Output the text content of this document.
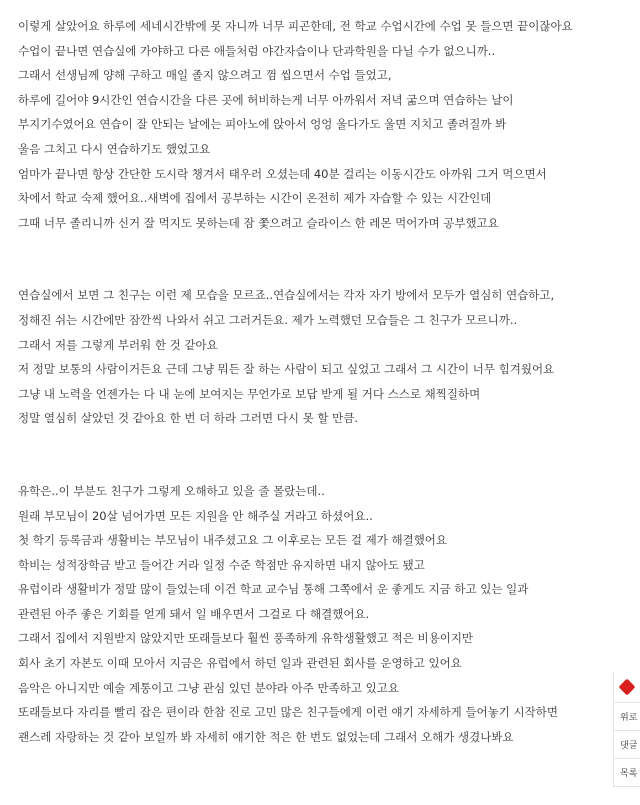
이렇게 살았어요 하루에 세네시간밖에 못 자니까 너무 피곤한데, 전 학교 수업시간에 수업 못 들으면 끝이잖아요
수업이 끝나면 연습실에 가야하고 다른 애들처럼 야간자습이나 단과학원을 다닐 수가 없으니까..
그래서 선생님께 양해 구하고 매일 졸지 않으려고 껌 씹으면서 수업 들었고,
하루에 길어야 9시간인 연습시간을 다른 곳에 허비하는게 너무 아까워서 저녁 굶으며 연습하는 날이
부지기수였어요 연습이 잘 안되는 날에는 피아노에 앉아서 엉엉 울다가도 울면 지치고 졸려질까 봐
울음 그치고 다시 연습하기도 했었고요
엄마가 끝나면 항상 간단한 도시락 챙겨서 태우러 오셨는데 40분 걸리는 이동시간도 아까워 그거 먹으면서
차에서 학교 숙제 했어요..새벽에 집에서 공부하는 시간이 온전히 제가 자습할 수 있는 시간인데
그때 너무 졸리니까 신거 잘 먹지도 못하는데 잠 쫓으려고 슬라이스 한 레몬 먹어가며 공부했고요
연습실에서 보면 그 친구는 이런 제 모습을 모르죠..연습실에서는 각자 자기 방에서 모두가 열심히 연습하고,
정해진 쉬는 시간에만 잠깐씩 나와서 쉬고 그러거든요. 제가 노력했던 모습들은 그 친구가 모르니까..
그래서 저를 그렇게 부러워 한 것 같아요
저 정말 보통의 사람이거든요 근데 그냥 뭐든 잘 하는 사람이 되고 싶었고 그래서 그 시간이 너무 힘겨웠어요
그냥 내 노력을 언젠가는 다 내 눈에 보여지는 무언가로 보답 받게 될 거다 스스로 채찍질하며
정말 열심히 살았던 것 같아요 한 번 더 하라 그러면 다시 못 할 만큼.
유학은..이 부분도 친구가 그렇게 오해하고 있을 줄 몰랐는데..
원래 부모님이 20살 넘어가면 모든 지원을 안 해주실 거라고 하셨어요..
첫 학기 등록금과 생활비는 부모님이 내주셨고요 그 이후로는 모든 걸 제가 해결했어요
학비는 성적장학금 받고 들어간 거라 일정 수준 학점만 유지하면 내지 않아도 됐고
유럽이라 생활비가 정말 많이 들었는데 이건 학교 교수님 통해 그쪽에서 운 좋게도 지금 하고 있는 일과
관련된 아주 좋은 기회를 얻게 돼서 일 배우면서 그걸로 다 해결했어요.
그래서 집에서 지원받지 않았지만 또래들보다 훨씬 풍족하게 유학생활했고 적은 비용이지만
회사 초기 자본도 이때 모아서 지금은 유럽에서 하던 일과 관련된 회사를 운영하고 있어요
음악은 아니지만 예술 계통이고 그냥 관심 있던 분야라 아주 만족하고 있고요
또래들보다 자리를 빨리 잡은 편이라 한참 진로 고민 많은 친구들에게 이런 얘기 자세하게 들어놓기 시작하면
괜스레 자랑하는 것 같아 보일까 봐 자세히 얘기한 적은 한 번도 없었는데 그래서 오해가 생겼나봐요
위로
댓글
목록
